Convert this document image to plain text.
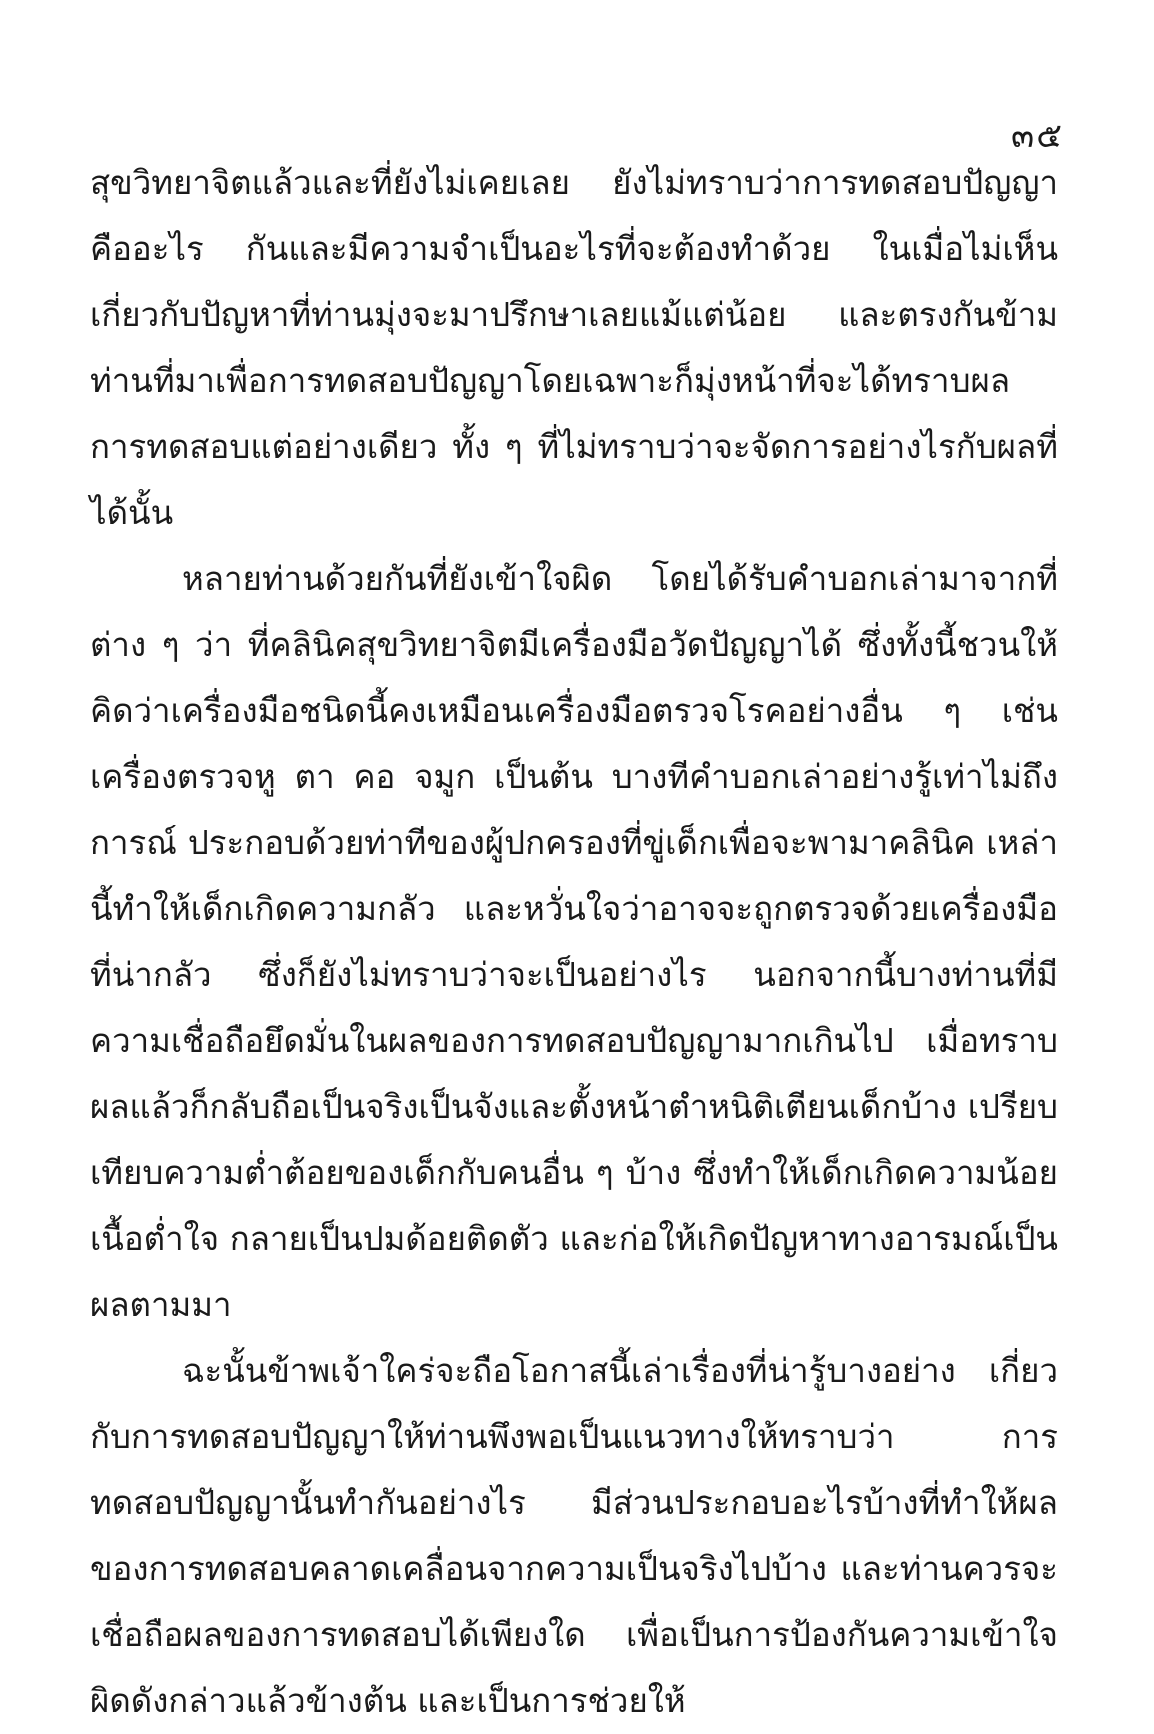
๓๕

สุขวิทยาจิตแล้วและที่ยังไม่เคยเลย ยังไม่ทราบว่าการทดสอบปัญญา คืออะไร กันและมีความจำเป็นอะไรที่จะต้องทำด้วย ในเมื่อไม่เห็นเกี่ยวกับปัญหาที่ท่านมุ่งจะมาปรึกษาเลยแม้แต่น้อย และตรงกันข้ามท่านที่มาเพื่อการทดสอบปัญญาโดยเฉพาะก็มุ่งหน้าที่จะได้ทราบผลการทดสอบแต่อย่างเดียว ทั้ง ๆ ที่ไม่ทราบว่าจะจัดการอย่างไรกับผลที่ได้นั้น

หลายท่านด้วยกันที่ยังเข้าใจผิด โดยได้รับคำบอกเล่ามาจากที่ต่าง ๆ ว่า ที่คลินิคสุขวิทยาจิตมีเครื่องมือวัดปัญญาได้ ซึ่งทั้งนี้ชวนให้คิดว่าเครื่องมือชนิดนี้คงเหมือนเครื่องมือตรวจโรคอย่างอื่น ๆ เช่น เครื่องตรวจหู ตา คอ จมูก เป็นต้น บางทีคำบอกเล่าอย่างรู้เท่าไม่ถึงการณ์ ประกอบด้วยท่าทีของผู้ปกครองที่ขู่เด็กเพื่อจะพามาคลินิค เหล่านี้ทำให้เด็กเกิดความกลัว และหวั่นใจว่าอาจจะถูกตรวจด้วยเครื่องมือที่น่ากลัว ซึ่งก็ยังไม่ทราบว่าจะเป็นอย่างไร นอกจากนี้บางท่านที่มีความเชื่อถือยึดมั่นในผลของการทดสอบปัญญามากเกินไป เมื่อทราบผลแล้วก็กลับถือเป็นจริงเป็นจังและตั้งหน้าตำหนิติเตียนเด็กบ้าง เปรียบเทียบความต่ำต้อยของเด็กกับคนอื่น ๆ บ้าง ซึ่งทำให้เด็กเกิดความน้อยเนื้อต่ำใจ กลายเป็นปมด้อยติดตัว และก่อให้เกิดปัญหาทางอารมณ์เป็นผลตามมา

ฉะนั้นข้าพเจ้าใคร่จะถือโอกาสนี้เล่าเรื่องที่น่ารู้บางอย่าง เกี่ยวกับการทดสอบปัญญาให้ท่านพึงพอเป็นแนวทางให้ทราบว่า การทดสอบปัญญานั้นทำกันอย่างไร มีส่วนประกอบอะไรบ้างที่ทำให้ผลของการทดสอบคลาดเคลื่อนจากความเป็นจริงไปบ้าง และท่านควรจะเชื่อถือผลของการทดสอบได้เพียงใด เพื่อเป็นการป้องกันความเข้าใจผิดดังกล่าวแล้วข้างต้น และเป็นการช่วยให้
